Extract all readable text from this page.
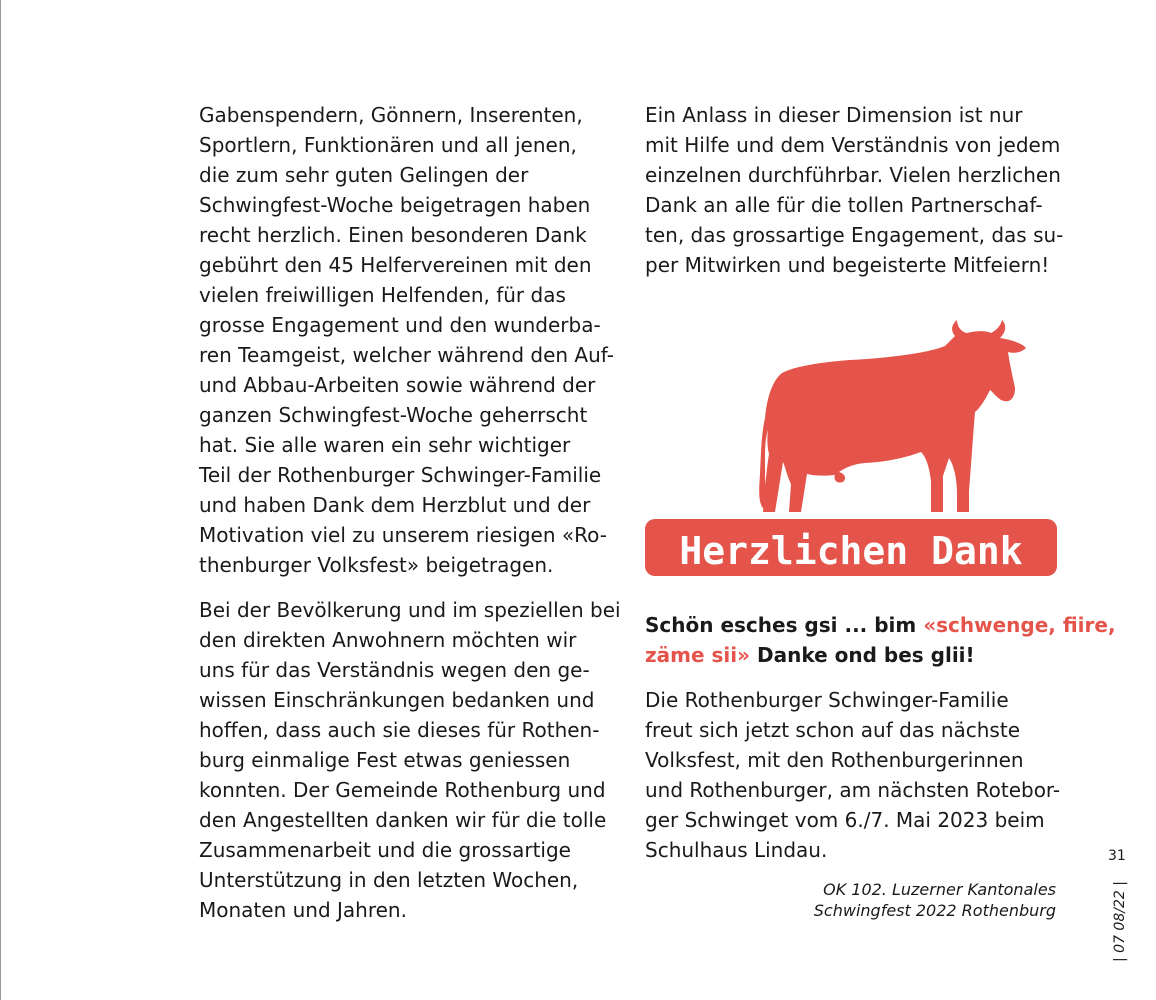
Gabenspendern, Gönnern, Inserenten,
Sportlern, Funktionären und all jenen,
die zum sehr guten Gelingen der
Schwingfest-Woche beigetragen haben
recht herzlich. Einen besonderen Dank
gebührt den 45 Helfervereinen mit den
vielen freiwilligen Helfenden, für das
grosse Engagement und den wunderba-
ren Teamgeist, welcher während den Auf-
und Abbau-Arbeiten sowie während der
ganzen Schwingfest-Woche geherrscht
hat. Sie alle waren ein sehr wichtiger
Teil der Rothenburger Schwinger-Familie
und haben Dank dem Herzblut und der
Motivation viel zu unserem riesigen «Ro-
thenburger Volksfest» beigetragen.

Bei der Bevölkerung und im speziellen bei
den direkten Anwohnern möchten wir
uns für das Verständnis wegen den ge-
wissen Einschränkungen bedanken und
hoffen, dass auch sie dieses für Rothen-
burg einmalige Fest etwas geniessen
konnten. Der Gemeinde Rothenburg und
den Angestellten danken wir für die tolle
Zusammenarbeit und die grossartige
Unterstützung in den letzten Wochen,
Monaten und Jahren.

Ein Anlass in dieser Dimension ist nur
mit Hilfe und dem Verständnis von jedem
einzelnen durchführbar. Vielen herzlichen
Dank an alle für die tollen Partnerschaf-
ten, das grossartige Engagement, das su-
per Mitwirken und begeisterte Mitfeiern!

Herzlichen Dank
Schön esches gsi ... bim «schwenge, fiire,
zäme sii» Danke ond bes glii!

Die Rothenburger Schwinger-Familie
freut sich jetzt schon auf das nächste
Volksfest, mit den Rothenburgerinnen
und Rothenburger, am nächsten Rotebor-
ger Schwinget vom 6./7. Mai 2023 beim
Schulhaus Lindau.

OK 102. Luzerner Kantonales
Schwingfest 2022 Rothenburg
31
| 07 08/22 |
